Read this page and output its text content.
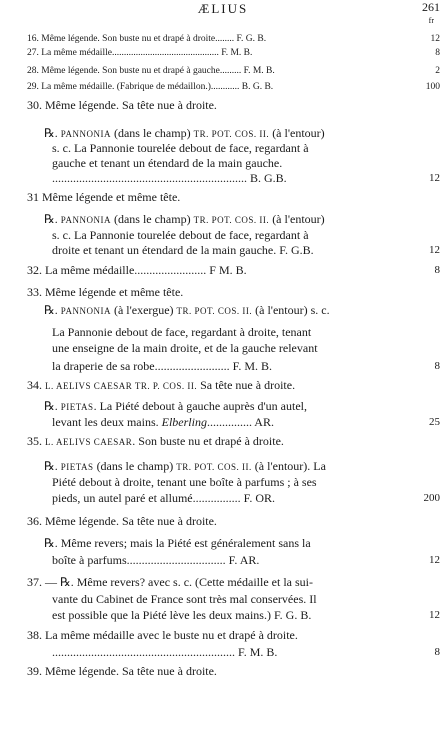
ÆLIUS	261
fr
16. Même légende. Son buste nu et drapé à droite........ F. G. B.	12
27. La même médaille............................................. F. M. B.	8
28. Même légende. Son buste nu et drapé à gauche......... F. M. B.	2
29. La même médaille. (Fabrique de médaillon.)............ B. G. B.	100
30. Même légende. Sa tête nue à droite.
℞. PANNONIA (dans le champ) TR. POT. COS. II. (à l'entour)
s. c. La Pannonie tourelée debout de face, regardant à
gauche et tenant un étendard de la main gauche.
................................................................. B. G.B.	12
31 Même légende et même tête.
℞. PANNONIA (dans le champ) TR. POT. COS. II. (à l'entour)
s. c. La Pannonie tourelée debout de face, regardant à
droite et tenant un étendard de la main gauche. F. G.B.	12
32. La même médaille........................ F M. B.	8
33. Même légende et même tête.
℞. PANNONIA (à l'exergue) TR. POT. COS. II. (à l'entour) s. c.
La Pannonie debout de face, regardant à droite, tenant
une enseigne de la main droite, et de la gauche relevant
la draperie de sa robe......................... F. M. B.	8
34. L. AELIVS CAESAR TR. P. COS. II. Sa tête nue à droite.
℞. PIETAS. La Piété debout à gauche auprès d'un autel,
levant les deux mains. Elberling............... AR.	25
35. L. AELIVS CAESAR. Son buste nu et drapé à droite.
℞. PIETAS (dans le champ) TR. POT. COS. II. (à l'entour). La
Piété debout à droite, tenant une boîte à parfums ; à ses
pieds, un autel paré et allumé................ F. OR.	200
36. Même légende. Sa tête nue à droite.
℞. Même revers; mais la Piété est généralement sans la
boîte à parfums................................. F. AR.	12
37. — ℞. Même revers? avec s. c. (Cette médaille et la sui-
vante du Cabinet de France sont très mal conservées. Il
est possible que la Piété lève les deux mains.) F. G. B.	12
38. La même médaille avec le buste nu et drapé à droite.
............................................................. F. M. B.	8
39. Même légende. Sa tête nue à droite.
